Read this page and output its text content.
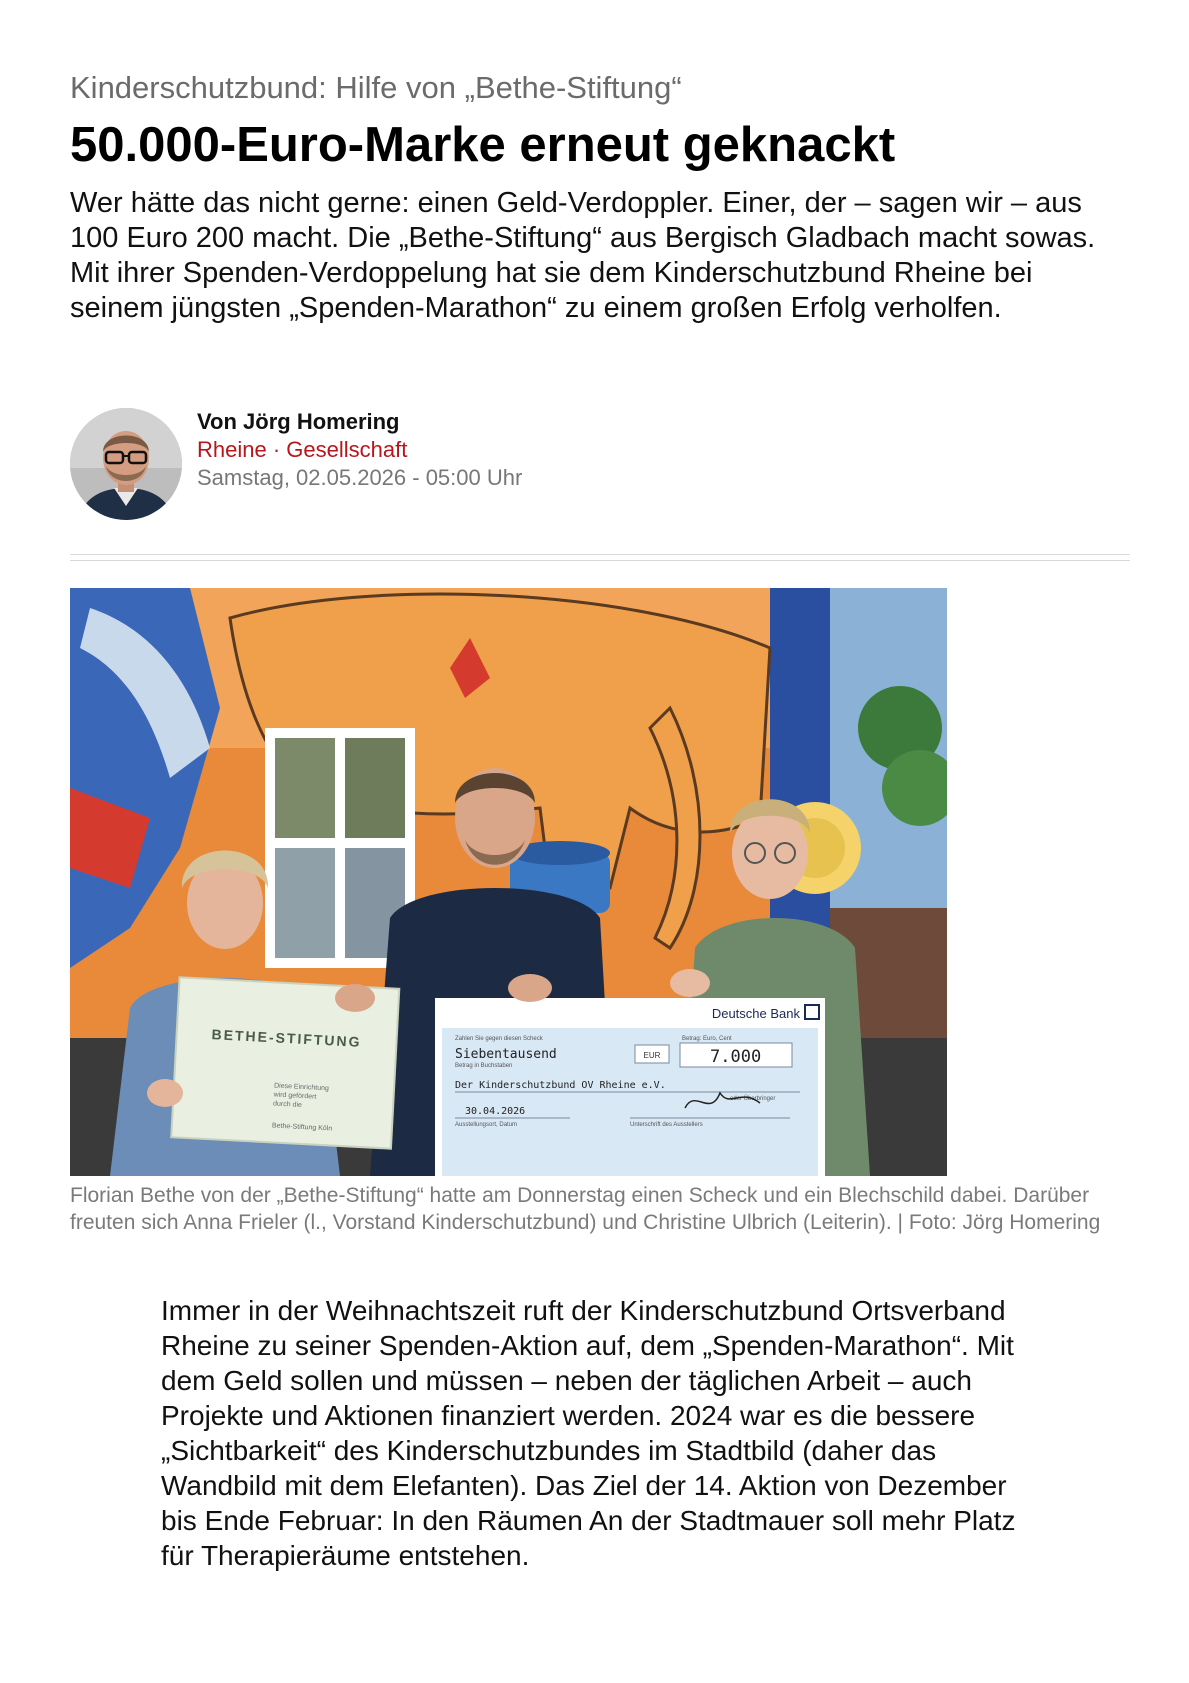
Kinderschutzbund: Hilfe von „Bethe-Stiftung“

50.000-Euro-Marke erneut geknackt

Wer hätte das nicht gerne: einen Geld-Verdoppler. Einer, der – sagen wir – aus 100 Euro 200 macht. Die „Bethe-Stiftung“ aus Bergisch Gladbach macht sowas. Mit ihrer Spenden-Verdoppelung hat sie dem Kinderschutzbund Rheine bei seinem jüngsten „Spenden-Marathon“ zu einem großen Erfolg verholfen.

Von Jörg Homering
Rheine · Gesellschaft
Samstag, 02.05.2026 - 05:00 Uhr
BETHE-STIFTUNG
Diese Einrichtung
wird gefördert
durch die
Bethe-Stiftung Köln
Deutsche Bank
Zahlen Sie gegen diesen Scheck
Siebentausend
Betrag in Buchstaben
EUR
Betrag: Euro, Cent
7.000
Der Kinderschutzbund OV Rheine e.V.
oder Überbringer
30.04.2026
Ausstellungsort, Datum	Unterschrift des Ausstellers
Florian Bethe von der „Bethe-Stiftung“ hatte am Donnerstag einen Scheck und ein Blechschild dabei. Darüber freuten sich Anna Frieler (l., Vorstand Kinderschutzbund) und Christine Ulbrich (Leiterin). | Foto: Jörg Homering
Immer in der Weihnachtszeit ruft der Kinderschutzbund Ortsverband Rheine zu seiner Spenden-Aktion auf, dem „Spenden-Marathon“. Mit dem Geld sollen und müssen – neben der täglichen Arbeit – auch Projekte und Aktionen finanziert werden. 2024 war es die bessere „Sichtbarkeit“ des Kinderschutzbundes im Stadtbild (daher das Wandbild mit dem Elefanten). Das Ziel der 14. Aktion von Dezember bis Ende Februar: In den Räumen An der Stadtmauer soll mehr Platz für Therapieräume entstehen.
